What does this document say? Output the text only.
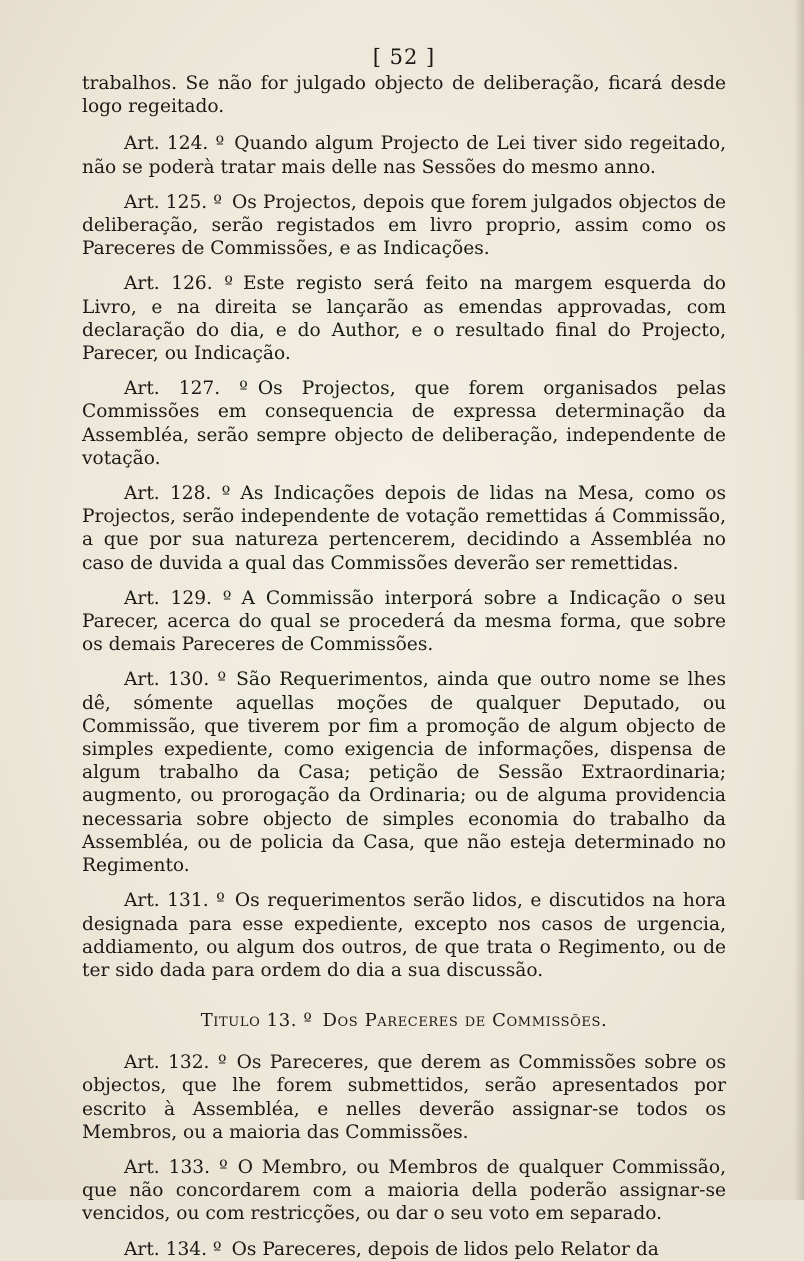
[ 52 ]

trabalhos. Se não for julgado objecto de deliberação, ficará desde logo regeitado.

Art. 124. º Quando algum Projecto de Lei tiver sido regeitado, não se poderà tratar mais delle nas Sessões do mesmo anno.

Art. 125. º Os Projectos, depois que forem julgados objectos de deliberação, serão registados em livro proprio, assim como os Pareceres de Commissões, e as Indicações.

Art. 126. º Este registo será feito na margem esquerda do Livro, e na direita se lançarão as emendas approvadas, com declaração do dia, e do Author, e o resultado final do Projecto, Parecer, ou Indicação.

Art. 127. º Os Projectos, que forem organisados pelas Commissões em consequencia de expressa determinação da Assembléa, serão sempre objecto de deliberação, independente de votação.

Art. 128. º As Indicações depois de lidas na Mesa, como os Projectos, serão independente de votação remettidas á Commissão, a que por sua natureza pertencerem, decidindo a Assembléa no caso de duvida a qual das Commissões deverão ser remettidas.

Art. 129. º A Commissão interporá sobre a Indicação o seu Parecer, acerca do qual se procederá da mesma forma, que sobre os demais Pareceres de Commissões.

Art. 130. º São Requerimentos, ainda que outro nome se lhes dê, sómente aquellas moções de qualquer Deputado, ou Commissão, que tiverem por fim a promoção de algum objecto de simples expediente, como exigencia de informações, dispensa de algum trabalho da Casa; petição de Sessão Extraordinaria; augmento, ou prorogação da Ordinaria; ou de alguma providencia necessaria sobre objecto de simples economia do trabalho da Assembléa, ou de policia da Casa, que não esteja determinado no Regimento.

Art. 131. º Os requerimentos serão lidos, e discutidos na hora designada para esse expediente, excepto nos casos de urgencia, addiamento, ou algum dos outros, de que trata o Regimento, ou de ter sido dada para ordem do dia a sua discussão.

Titulo 13. º Dos Pareceres de Commissões.

Art. 132. º Os Pareceres, que derem as Commissões sobre os objectos, que lhe forem submettidos, serão apresentados por escrito à Assembléa, e nelles deverão assignar-se todos os Membros, ou a maioria das Commissões.

Art. 133. º O Membro, ou Membros de qualquer Commissão, que não concordarem com a maioria della poderão assignar-se vencidos, ou com restricções, ou dar o seu voto em separado.

Art. 134. º Os Pareceres, depois de lidos pelo Relator da
